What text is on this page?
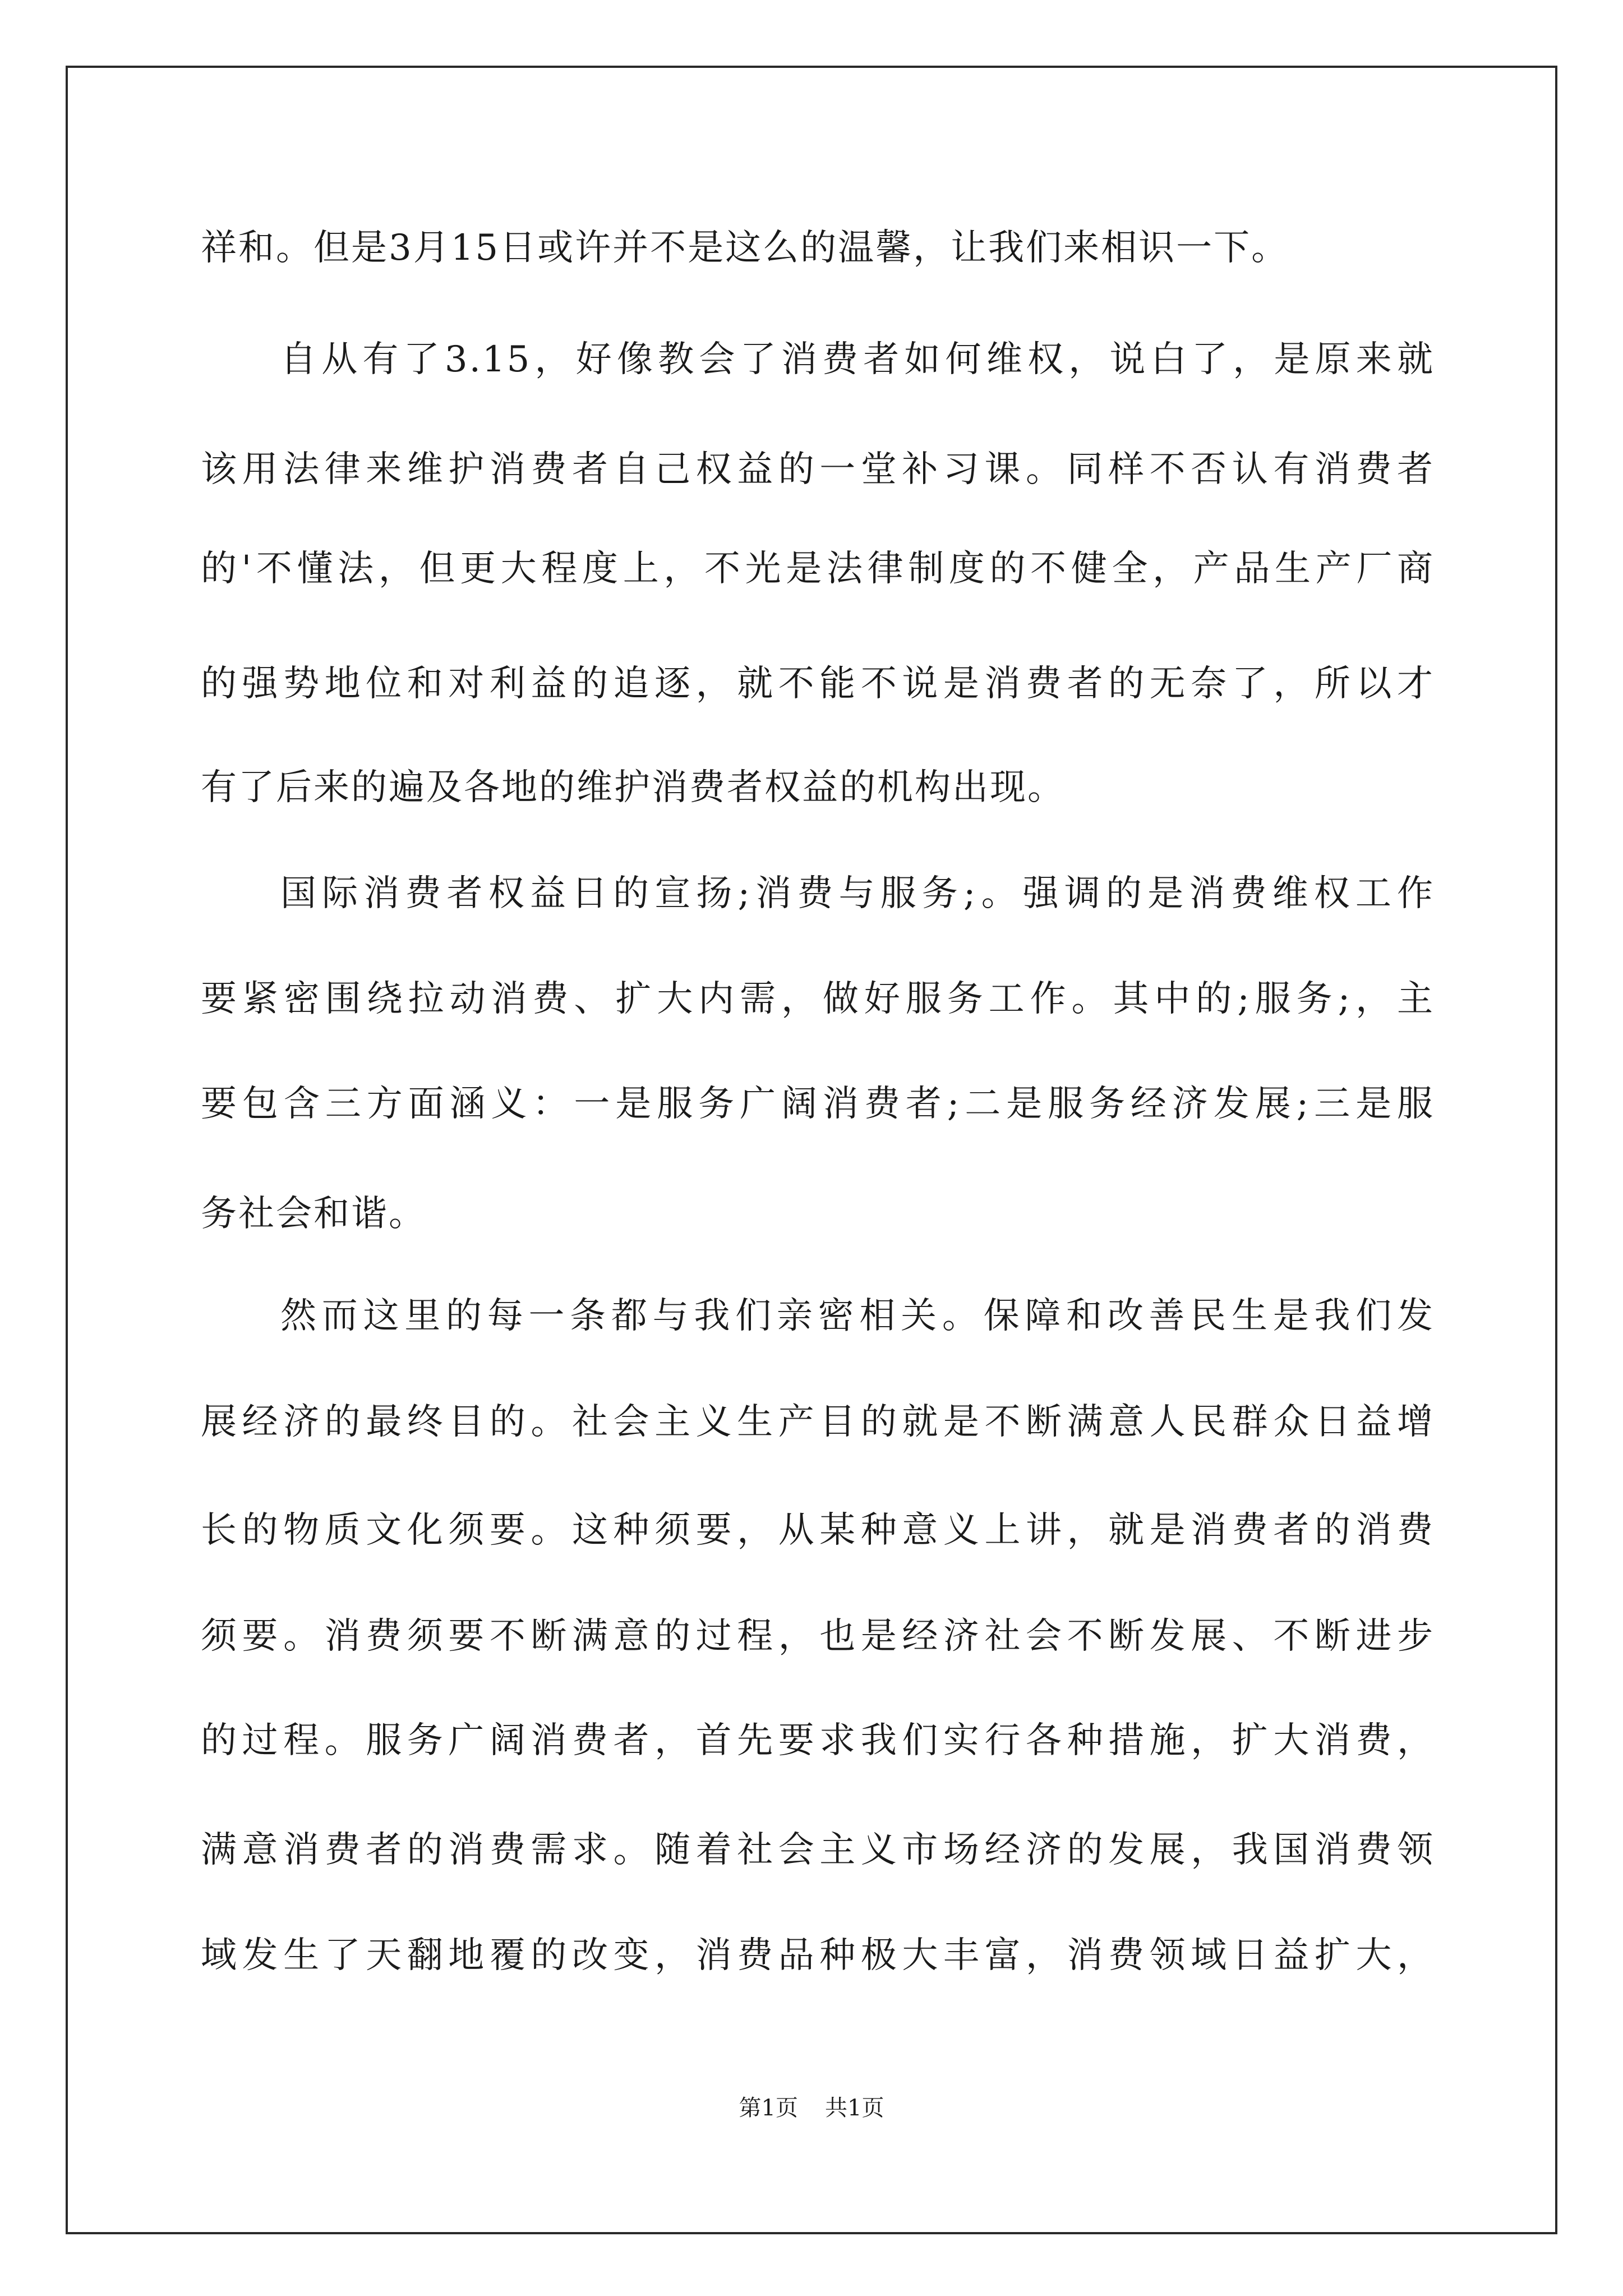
祥和。但是3月15日或许并不是这么的温馨，让我们来相识一下。

自从有了3.15，好像教会了消费者如何维权，说白了，是原来就

该用法律来维护消费者自己权益的一堂补习课。同样不否认有消费者

的'不懂法，但更大程度上，不光是法律制度的不健全，产品生产厂商

的强势地位和对利益的追逐，就不能不说是消费者的无奈了，所以才

有了后来的遍及各地的维护消费者权益的机构出现。

国际消费者权益日的宣扬;消费与服务;。强调的是消费维权工作

要紧密围绕拉动消费、扩大内需，做好服务工作。其中的;服务;，主

要包含三方面涵义：一是服务广阔消费者;二是服务经济发展;三是服

务社会和谐。

然而这里的每一条都与我们亲密相关。保障和改善民生是我们发

展经济的最终目的。社会主义生产目的就是不断满意人民群众日益增

长的物质文化须要。这种须要，从某种意义上讲，就是消费者的消费

须要。消费须要不断满意的过程，也是经济社会不断发展、不断进步

的过程。服务广阔消费者，首先要求我们实行各种措施，扩大消费，

满意消费者的消费需求。随着社会主义市场经济的发展，我国消费领

域发生了天翻地覆的改变，消费品种极大丰富，消费领域日益扩大，

第1页 共1页
